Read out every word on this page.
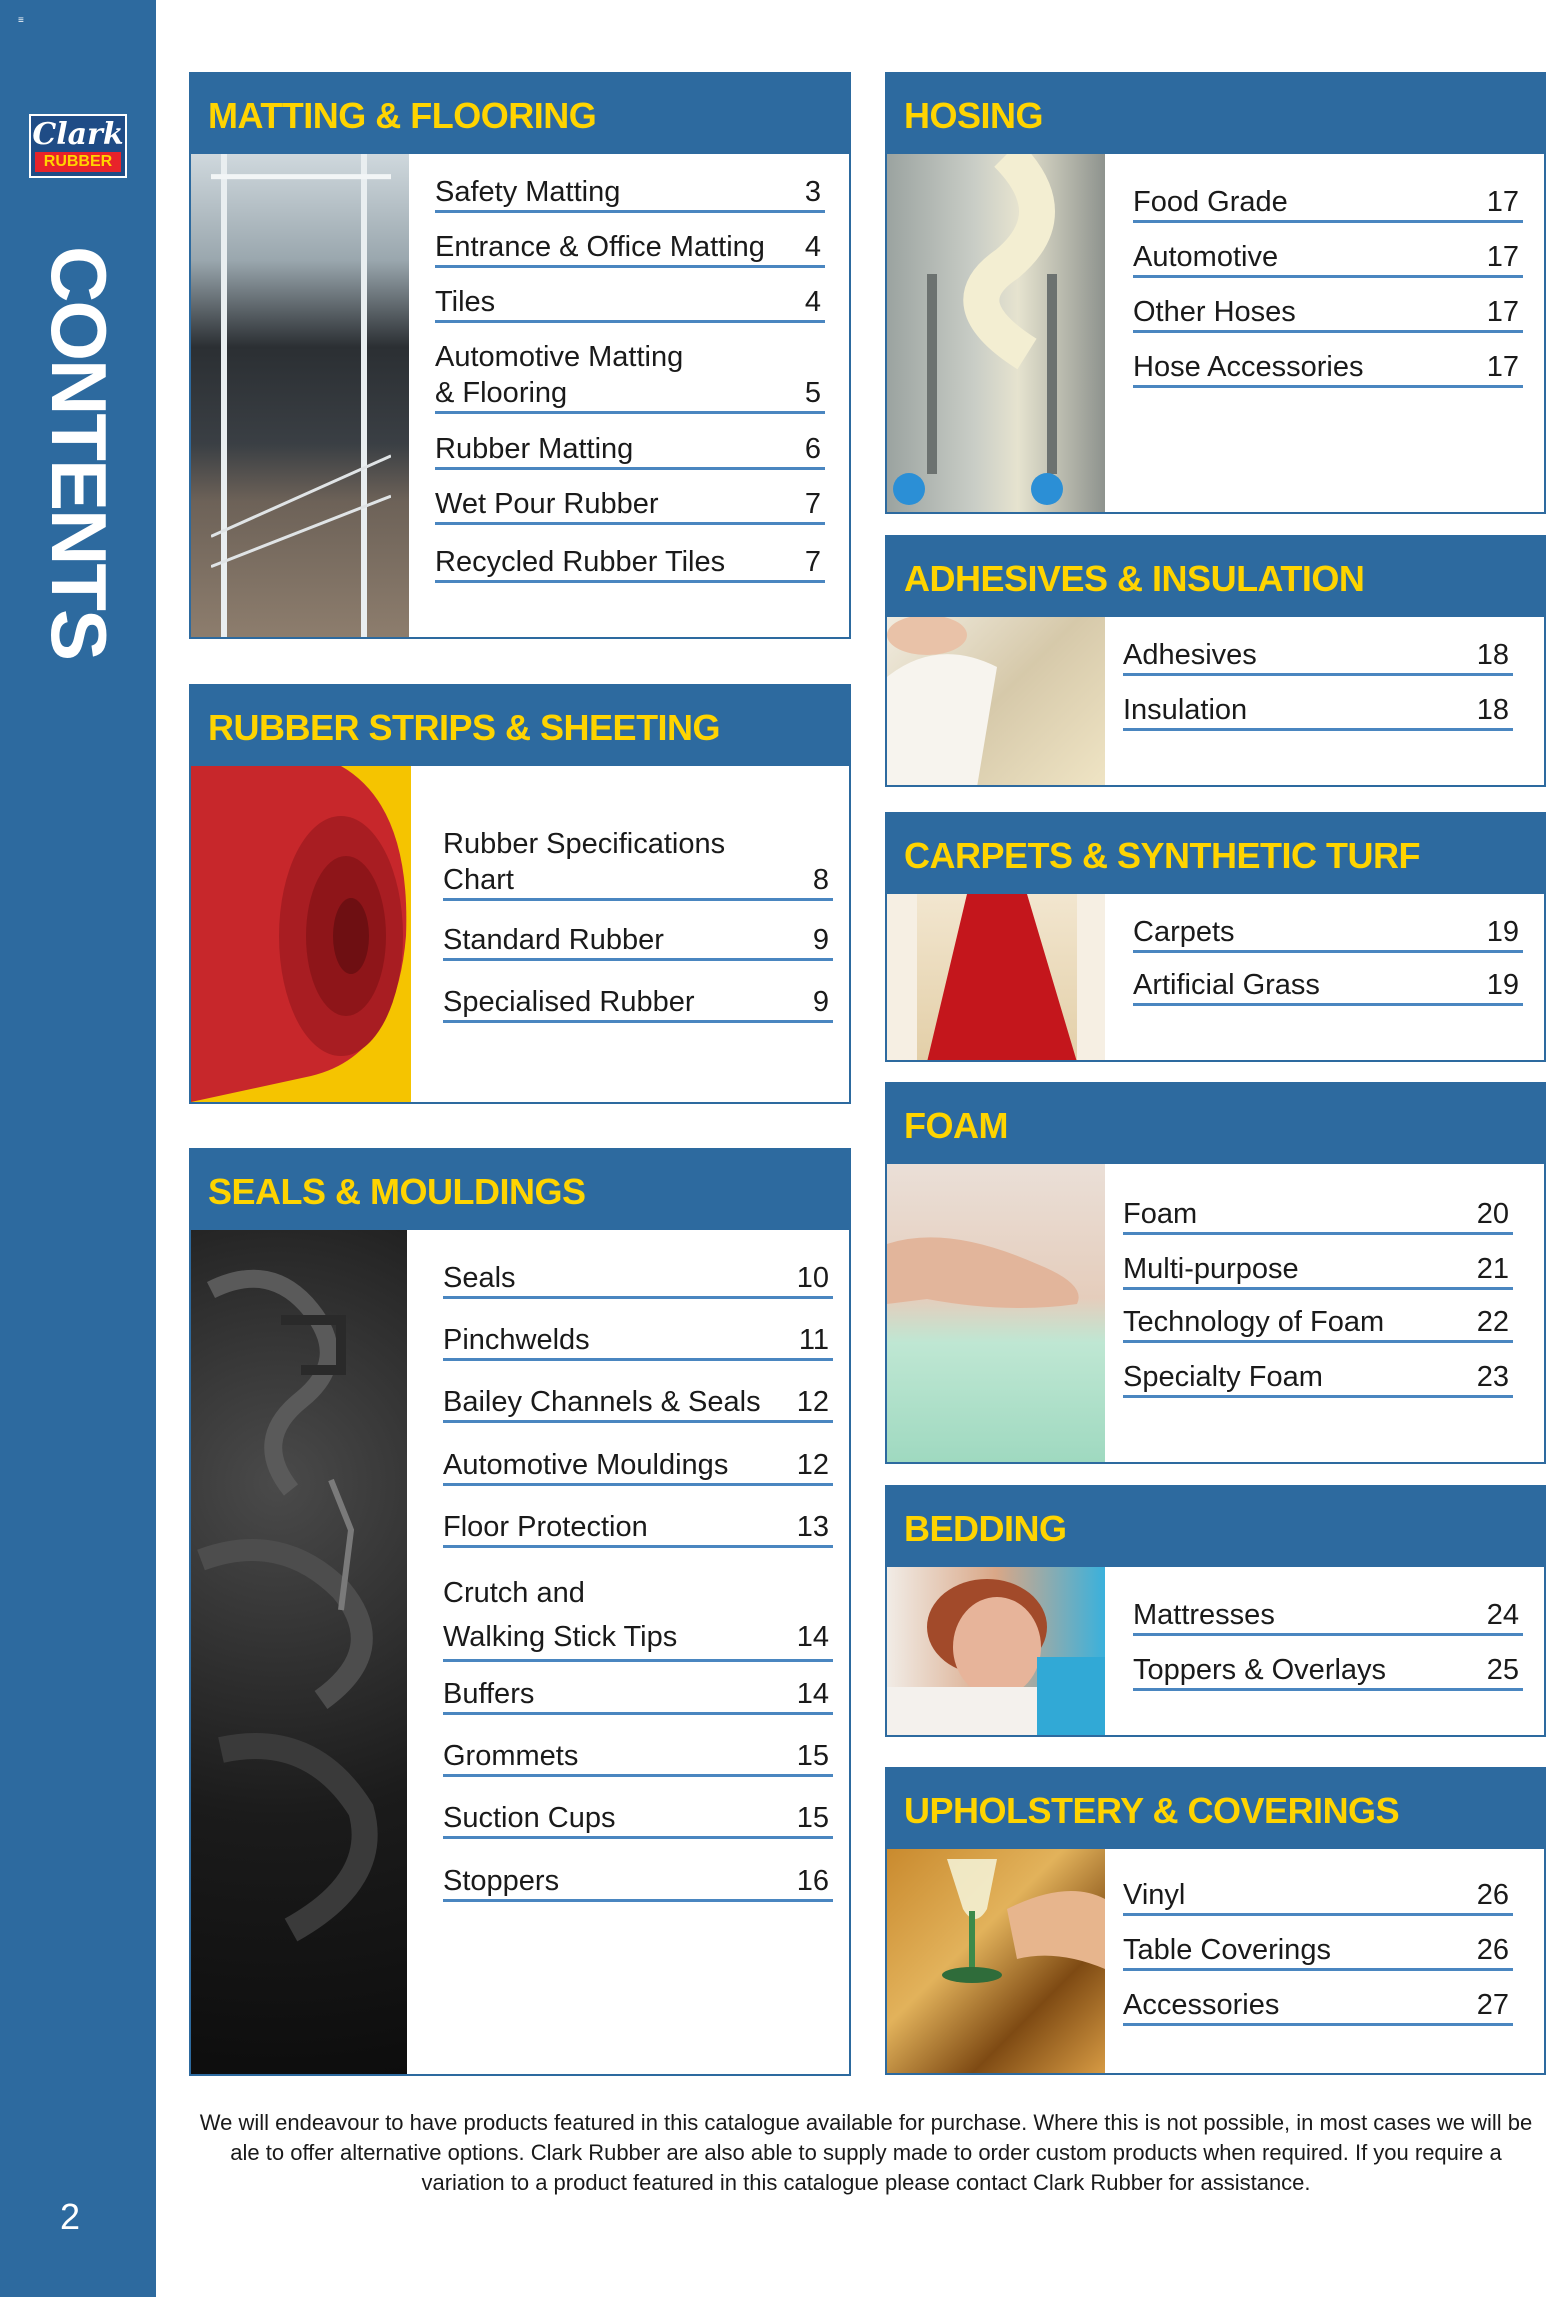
≡
Clark
RUBBER
CONTENTS
2
MATTING & FLOORING
Safety Matting	3
Entrance & Office Matting	4
Tiles	4
Automotive Matting & Flooring	5
Rubber Matting	6
Wet Pour Rubber	7
Recycled Rubber Tiles	7
RUBBER STRIPS & SHEETING
Rubber Specifications Chart	8
Standard Rubber	9
Specialised Rubber	9
SEALS & MOULDINGS
Seals	10
Pinchwelds	11
Bailey Channels & Seals	12
Automotive Mouldings	12
Floor Protection	13
Crutch and Walking Stick Tips	14
Buffers	14
Grommets	15
Suction Cups	15
Stoppers	16
HOSING
Food Grade	17
Automotive	17
Other Hoses	17
Hose Accessories	17
ADHESIVES & INSULATION
Adhesives	18
Insulation	18
CARPETS & SYNTHETIC TURF
Carpets	19
Artificial Grass	19
FOAM
Foam	20
Multi-purpose	21
Technology of Foam	22
Specialty Foam	23
BEDDING
Mattresses	24
Toppers & Overlays	25
UPHOLSTERY & COVERINGS
Vinyl	26
Table Coverings	26
Accessories	27
We will endeavour to have products featured in this catalogue available for purchase. Where this is not possible, in most cases we will be ale to offer alternative options. Clark Rubber are also able to supply made to order custom products when required. If you require a variation to a product featured in this catalogue please contact Clark Rubber for assistance.
